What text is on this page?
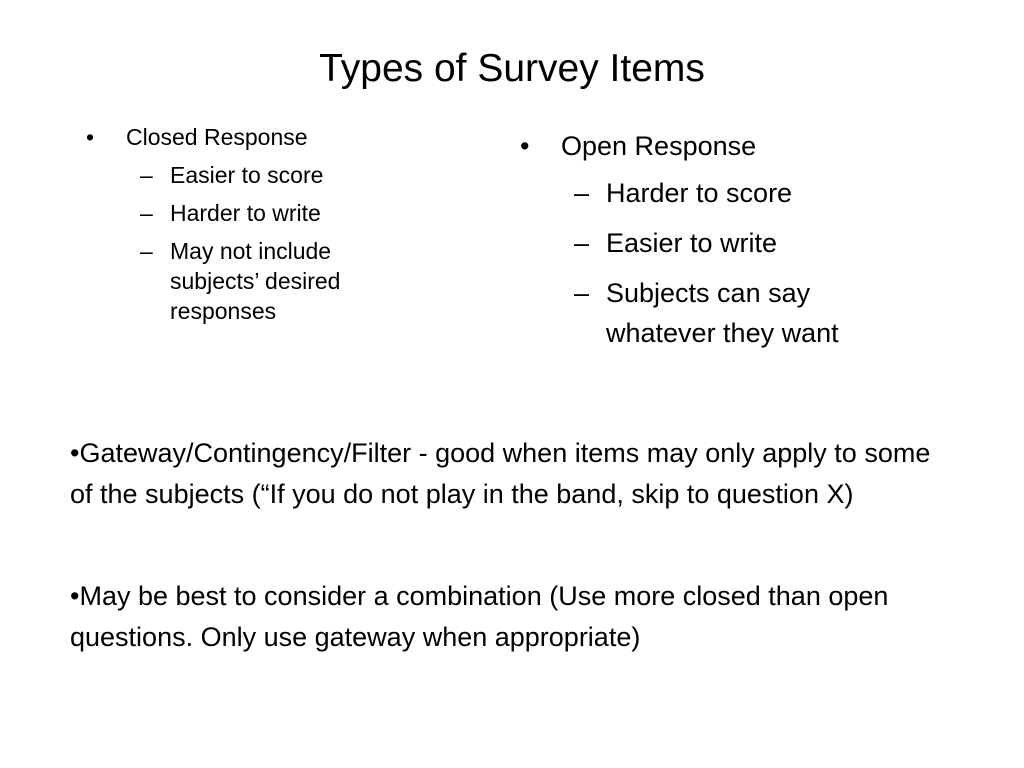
Types of Survey Items
•	Closed Response
– Easier to score
– Harder to write
– May not include subjects’ desired responses
•	Open Response
– Harder to score
– Easier to write
– Subjects can say whatever they want

•Gateway/Contingency/Filter - good when items may only apply to some of the subjects (“If you do not play in the band, skip to question X)

•May be best to consider a combination (Use more closed than open questions. Only use gateway when appropriate)
